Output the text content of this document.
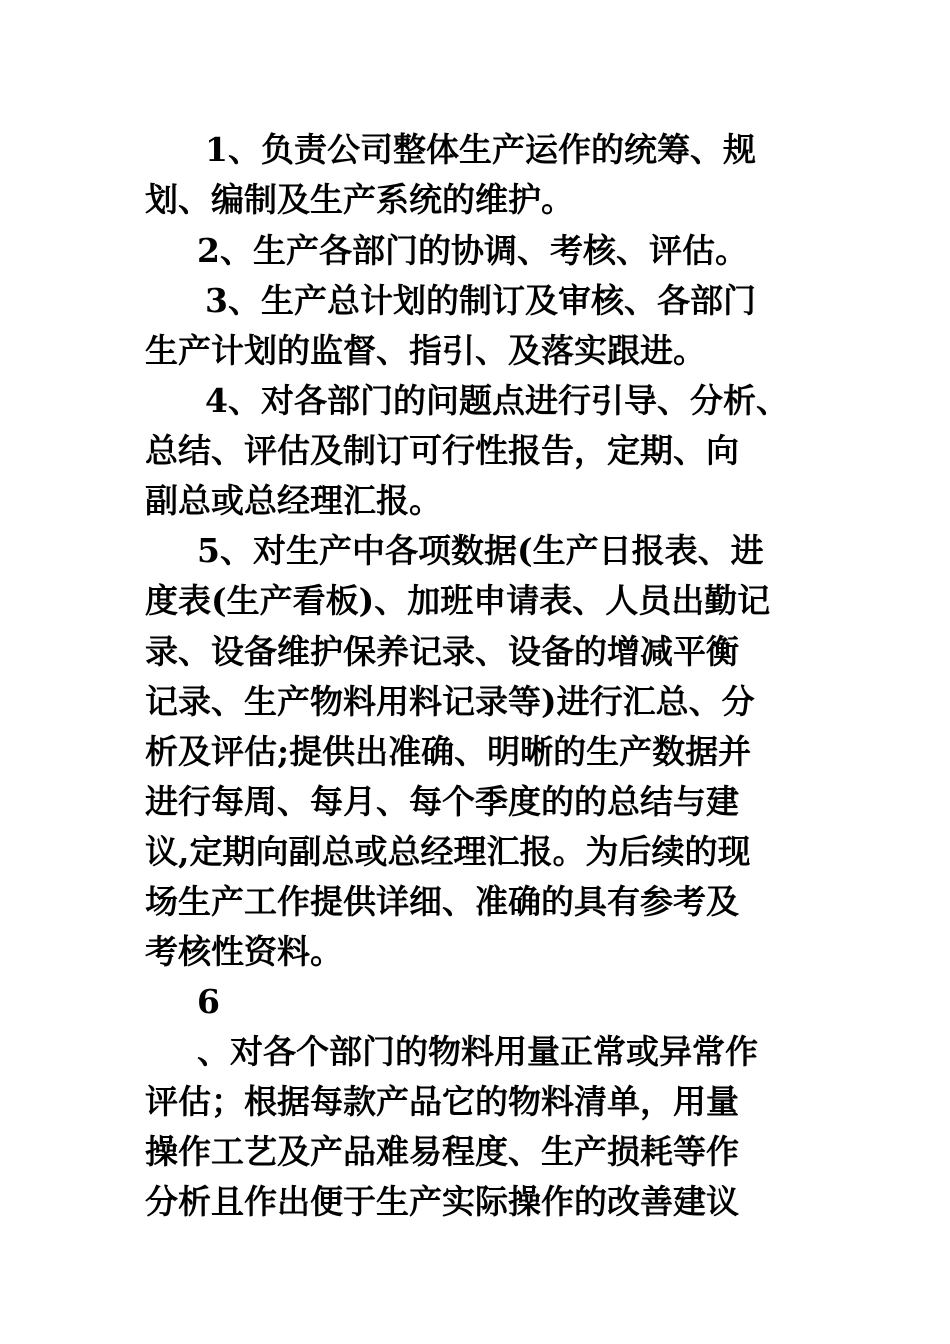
1、负责公司整体生产运作的统筹、规

划、编制及生产系统的维护。

2、生产各部门的协调、考核、评估。

3、生产总计划的制订及审核、各部门

生产计划的监督、指引、及落实跟进。

4、对各部门的问题点进行引导、分析、

总结、评估及制订可行性报告，定期、向

副总或总经理汇报。

5、对生产中各项数据(生产日报表、进

度表(生产看板)、加班申请表、人员出勤记

录、设备维护保养记录、设备的增减平衡

记录、生产物料用料记录等)进行汇总、分

析及评估;提供出准确、明晰的生产数据并

进行每周、每月、每个季度的的总结与建

议,定期向副总或总经理汇报。为后续的现

场生产工作提供详细、准确的具有参考及

考核性资料。

6

、对各个部门的物料用量正常或异常作

评估；根据每款产品它的物料清单，用量

操作工艺及产品难易程度、生产损耗等作

分析且作出便于生产实际操作的改善建议
